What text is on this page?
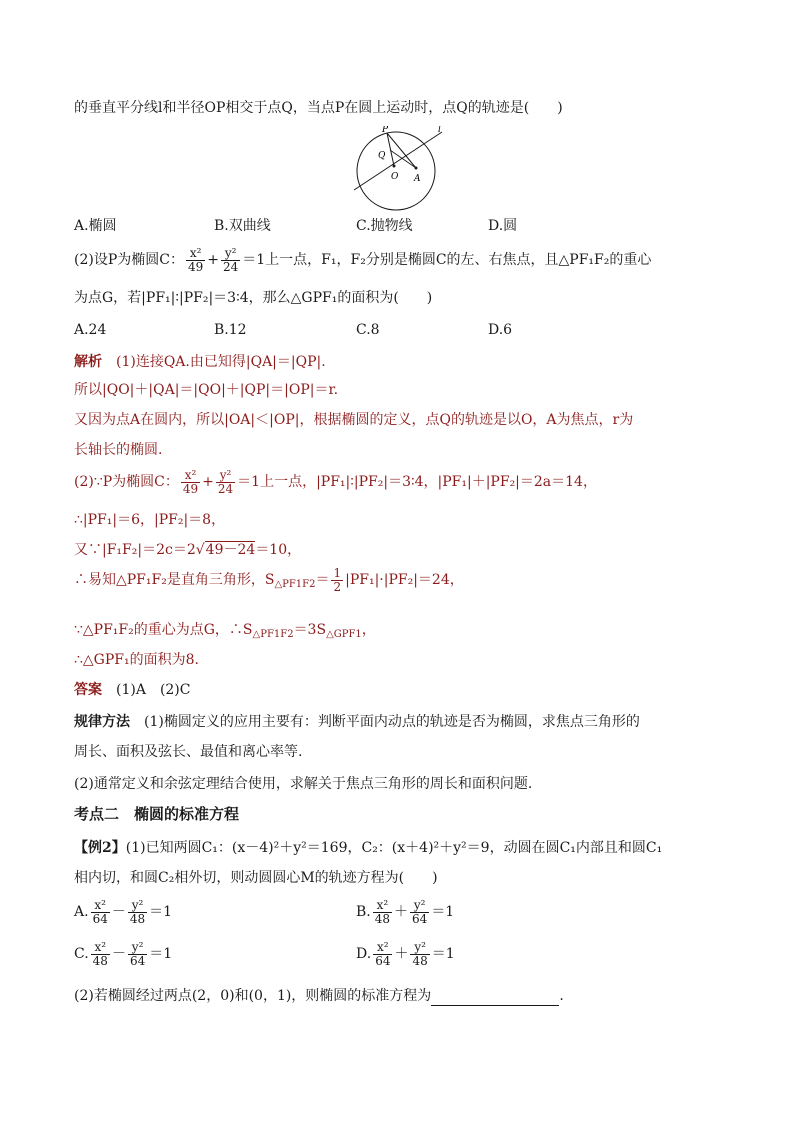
的垂直平分线l和半径OP相交于点Q，当点P在圆上运动时，点Q的轨迹是(　　)
P
Q
O A
l
A.椭圆	B.双曲线	C.抛物线	D.圆
(2)设P为椭圆C： $\frac{\text{x²}}{49} + \frac{\text{y²}}{24} =1$上一点，F₁，F₂分别是椭圆C的左、右焦点，且△PF₁F₂的重心
为点G，若|PF₁|∶|PF₂|＝3∶4，那么△GPF₁的面积为(　　)
A.24	B.12	C.8	D.6
解析　 (1)连接QA.由已知得|QA|＝|QP|.
所以|QO|＋|QA|＝|QO|＋|QP|＝|OP|＝r.
又因为点A在圆内，所以|OA|＜|OP|，根据椭圆的定义，点Q的轨迹是以O，A为焦点，r为
长轴长的椭圆.
(2)∵P为椭圆C： $\frac{\text{x²}}{49} + \frac{\text{y²}}{24} =1$上一点，|PF₁|∶|PF₂|＝3∶4，|PF₁|＋|PF₂|＝2a＝14，
∴|PF₁|＝6，|PF₂|＝8，
又∵|F₁F₂|＝2c＝2√49－24＝10，
∴易知△PF₁F₂是直角三角形，$S_{\triangle PF1F2}= \frac{1}{2} |PF_1|\cdot|PF_2|=24$，
∵△PF₁F₂的重心为点G，$\therefore S_{\triangle PF1F2}=3S_{\triangle GPF1}$，
∴△GPF₁的面积为8.
答案　 (1)A　(2)C
规律方法　 (1)椭圆定义的应用主要有：判断平面内动点的轨迹是否为椭圆，求焦点三角形的
周长、面积及弦长、最值和离心率等.
(2)通常定义和余弦定理结合使用，求解关于焦点三角形的周长和面积问题.
考点二　椭圆的标准方程
【例2】(1)已知两圆C₁：(x－4)²＋y²＝169，C₂：(x＋4)²＋y²＝9，动圆在圆C₁内部且和圆C₁
相内切，和圆C₂相外切，则动圆圆心M的轨迹方程为(　　)
A. $\frac{\text{x²}}{64} - \frac{\text{y²}}{48} =1$	B. $\frac{\text{x²}}{48} + \frac{\text{y²}}{64} =1$
C. $\frac{\text{x²}}{48} - \frac{\text{y²}}{64} =1$	D. $\frac{\text{x²}}{64} + \frac{\text{y²}}{48} =1$
(2)若椭圆经过两点(2，0)和(0，1)，则椭圆的标准方程为	.
